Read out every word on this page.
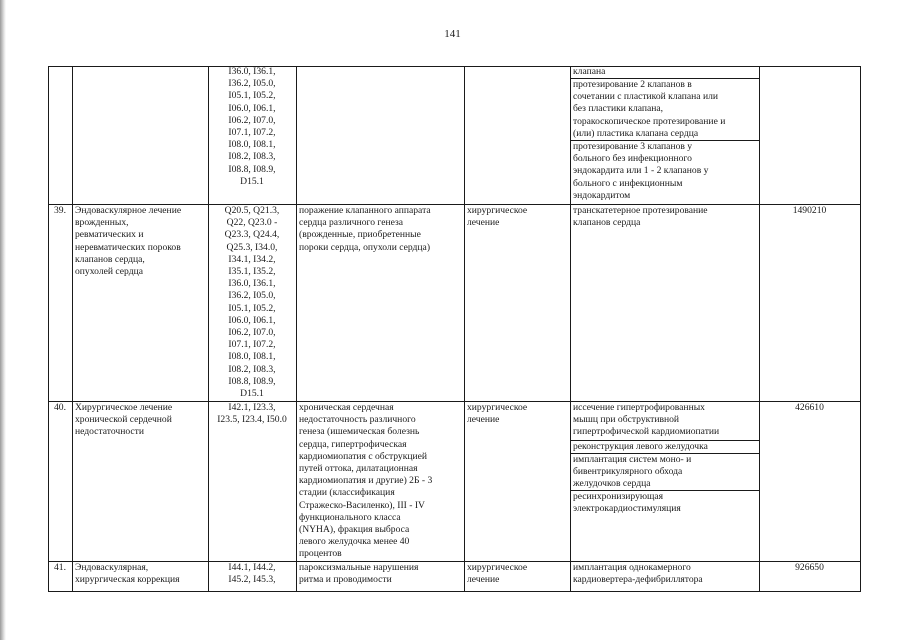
141
I36.0, I36.1,
I36.2, I05.0,
I05.1, I05.2,
I06.0, I06.1,
I06.2, I07.0,
I07.1, I07.2,
I08.0, I08.1,
I08.2, I08.3,
I08.8, I08.9,
D15.1
клапана
протезирование 2 клапанов в
сочетании с пластикой клапана или
без пластики клапана,
торакоскопическое протезирование и
(или) пластика клапана сердца
протезирование 3 клапанов у
больного без инфекционного
эндокардита или 1 - 2 клапанов у
больного с инфекционным
эндокардитом
39. Эндоваскулярное лечение
врожденных,
ревматических и
неревматических пороков
клапанов сердца,
опухолей сердца
Q20.5, Q21.3,
Q22, Q23.0 -
Q23.3, Q24.4,
Q25.3, I34.0,
I34.1, I34.2,
I35.1, I35.2,
I36.0, I36.1,
I36.2, I05.0,
I05.1, I05.2,
I06.0, I06.1,
I06.2, I07.0,
I07.1, I07.2,
I08.0, I08.1,
I08.2, I08.3,
I08.8, I08.9,
D15.1
поражение клапанного аппарата
сердца различного генеза
(врожденные, приобретенные
пороки сердца, опухоли сердца)
хирургическое
лечение
транскатетерное протезирование
клапанов сердца
1490210
40. Хирургическое лечение
хронической сердечной
недостаточности
I42.1, I23.3,
I23.5, I23.4, I50.0
хроническая сердечная
недостаточность различного
генеза (ишемическая болезнь
сердца, гипертрофическая
кардиомиопатия с обструкцией
путей оттока, дилатационная
кардиомиопатия и другие) 2Б - 3
стадии (классификация
Стражеско-Василенко), III - IV
функционального класса
(NYHA), фракция выброса
левого желудочка менее 40
процентов
хирургическое
лечение
иссечение гипертрофированных
мышц при обструктивной
гипертрофической кардиомиопатии
реконструкция левого желудочка
имплантация систем моно- и
бивентрикулярного обхода
желудочков сердца
ресинхронизирующая
электрокардиостимуляция
426610
41. Эндоваскулярная,
хирургическая коррекция
I44.1, I44.2,
I45.2, I45.3,
пароксизмальные нарушения
ритма и проводимости
хирургическое
лечение
имплантация однокамерного
кардиовертера-дефибриллятора
926650
